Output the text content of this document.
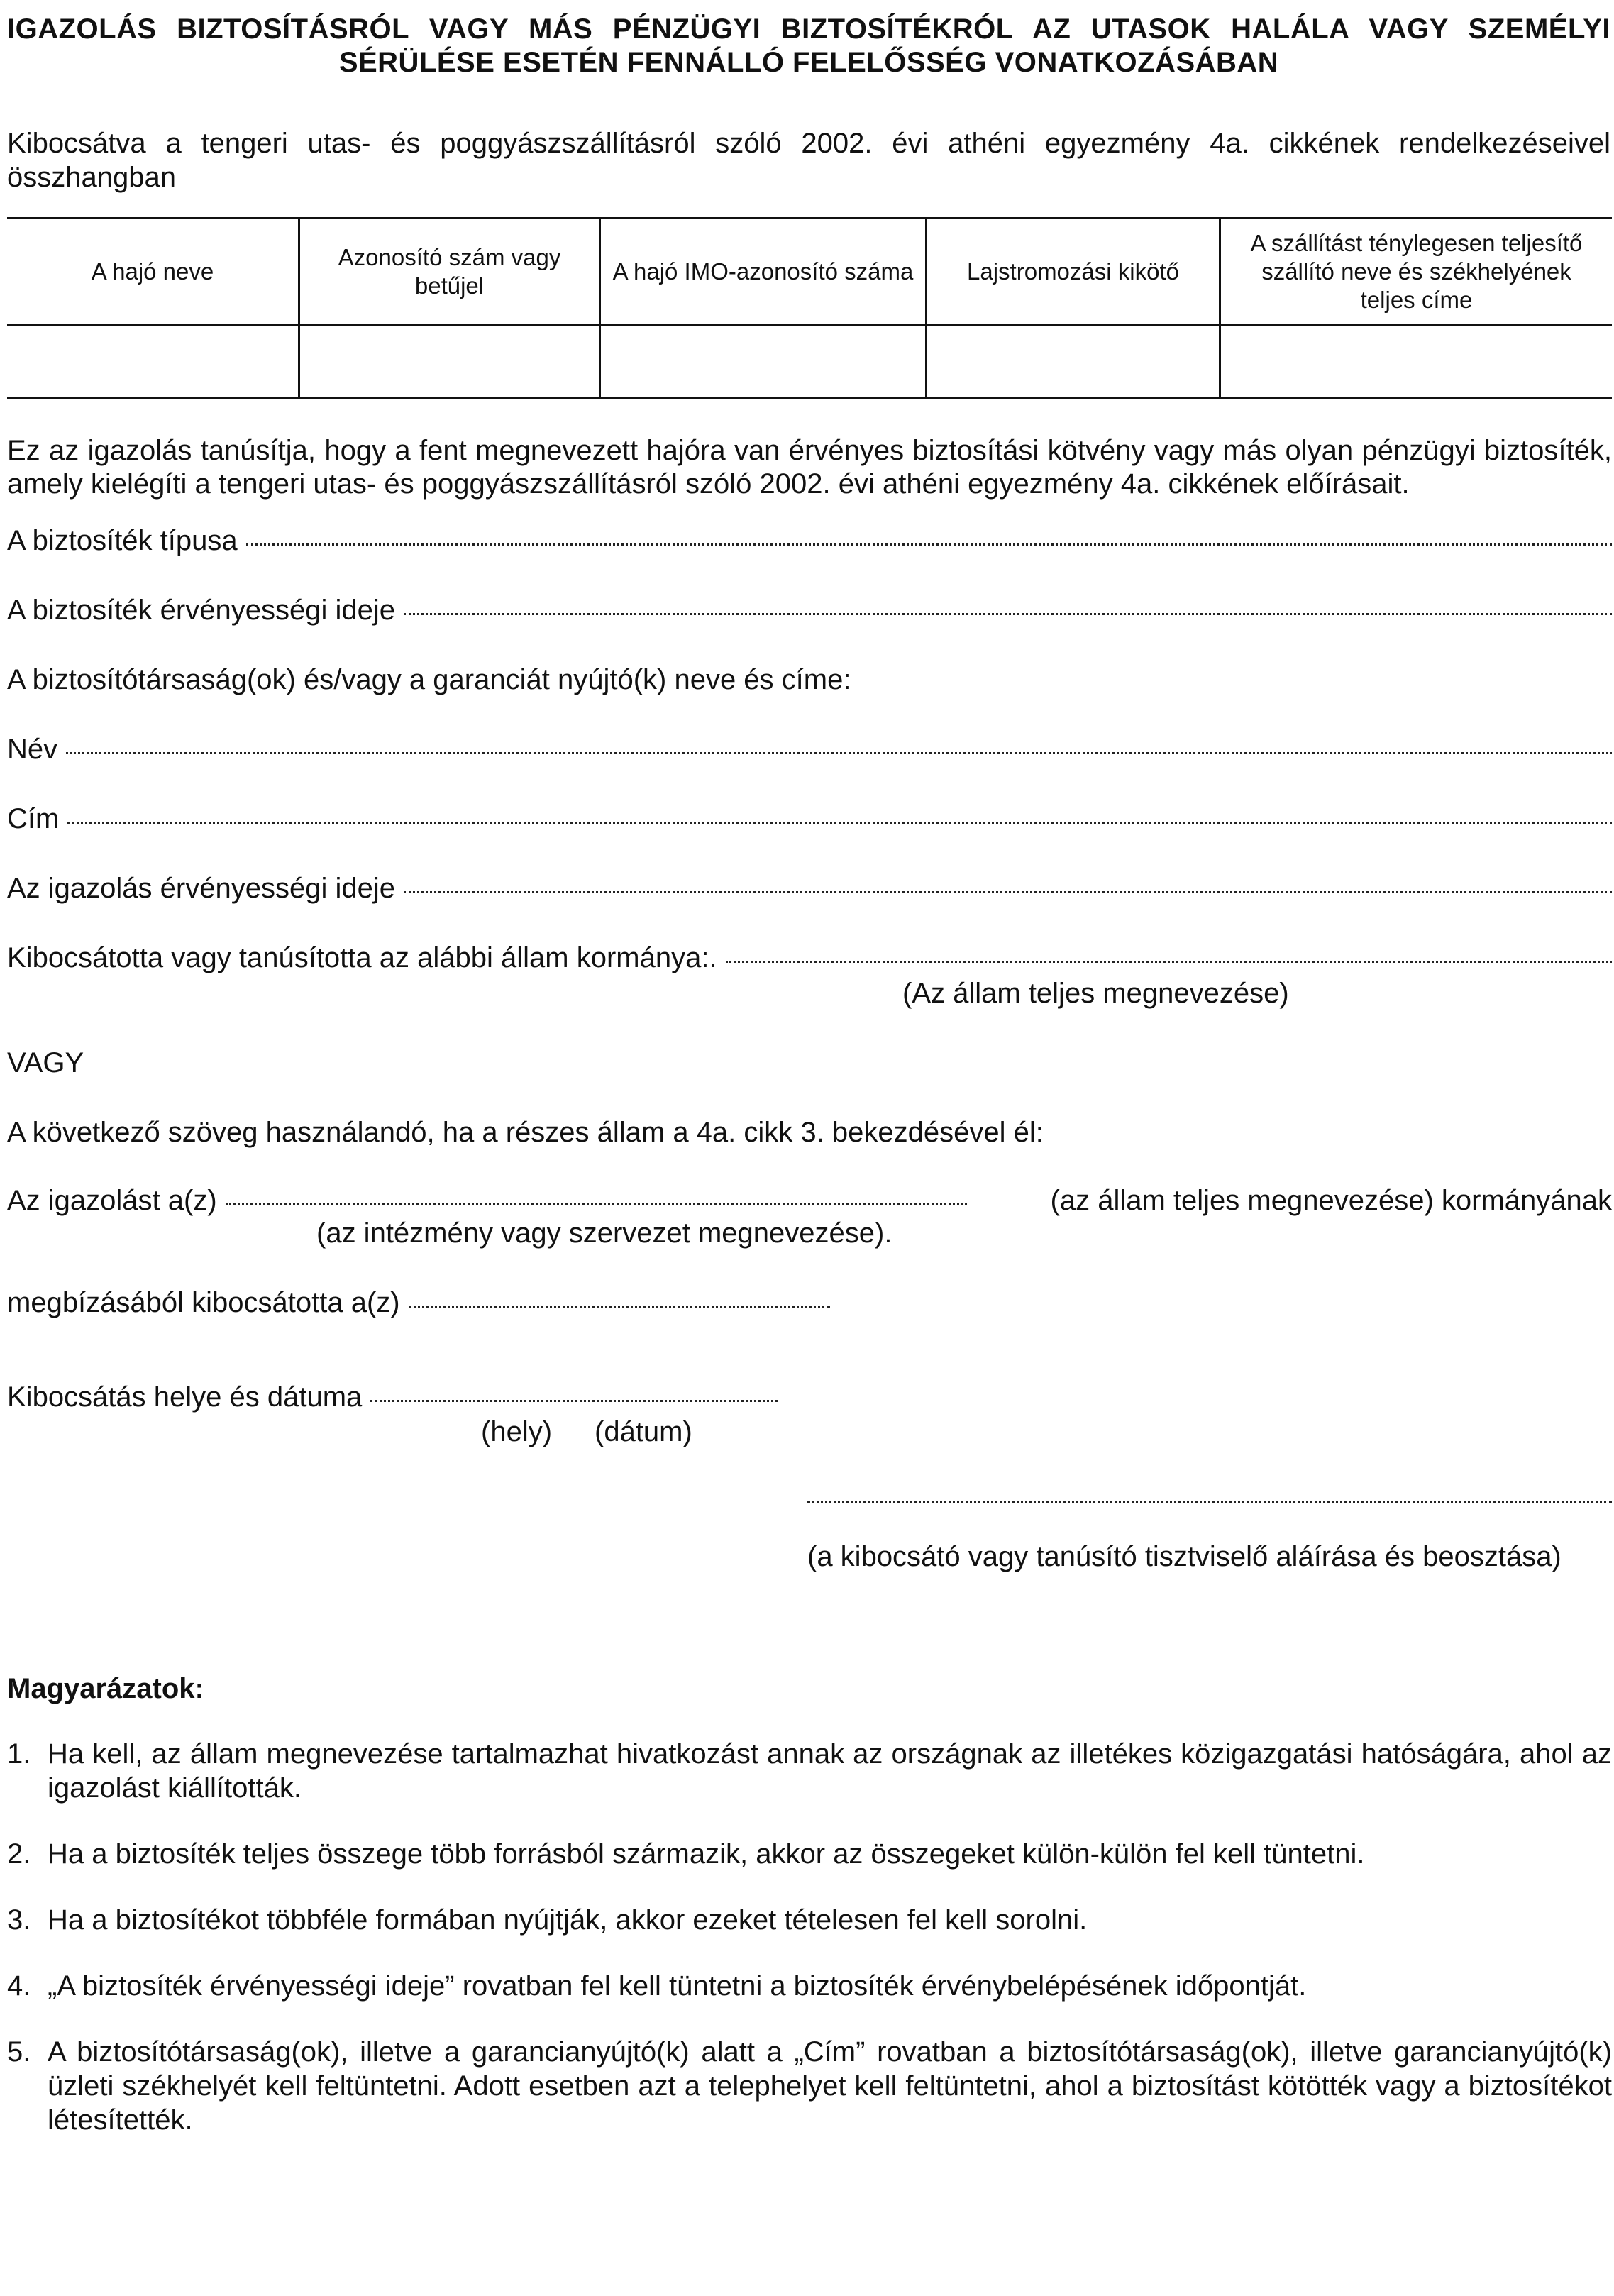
IGAZOLÁS BIZTOSÍTÁSRÓL VAGY MÁS PÉNZÜGYI BIZTOSÍTÉKRÓL AZ UTASOK HALÁLA VAGY SZEMÉLYI
SÉRÜLÉSE ESETÉN FENNÁLLÓ FELELŐSSÉG VONATKOZÁSÁBAN
Kibocsátva a tengeri utas- és poggyászszállításról szóló 2002. évi athéni egyezmény 4a. cikkének rendelkezéseivel összhangban
A hajó neve
Azonosító szám vagy betűjel
A hajó IMO-azonosító száma	Lajstromozási kikötő
A szállítást ténylegesen teljesítő szállító neve és székhelyének teljes címe
Ez az igazolás tanúsítja, hogy a fent megnevezett hajóra van érvényes biztosítási kötvény vagy más olyan pénzügyi biztosíték, amely kielégíti a tengeri utas- és poggyászszállításról szóló 2002. évi athéni egyezmény 4a. cikkének előírásait.
A biztosíték típusa
A biztosíték érvényességi ideje
A biztosítótársaság(ok) és/vagy a garanciát nyújtó(k) neve és címe:
Név
Cím
Az igazolás érvényességi ideje
Kibocsátotta vagy tanúsította az alábbi állam kormánya:.
(Az állam teljes megnevezése)
VAGY
A következő szöveg használandó, ha a részes állam a 4a. cikk 3. bekezdésével él:
Az igazolást a(z)	(az állam teljes megnevezése) kormányának
(az intézmény vagy szervezet megnevezése).
megbízásából kibocsátotta a(z)
Kibocsátás helye és dátuma
(hely) (dátum)
(a kibocsátó vagy tanúsító tisztviselő aláírása és beosztása)
Magyarázatok:
1. Ha kell, az állam megnevezése tartalmazhat hivatkozást annak az országnak az illetékes közigazgatási hatóságára, ahol az igazolást kiállították.
2. Ha a biztosíték teljes összege több forrásból származik, akkor az összegeket külön-külön fel kell tüntetni.
3. Ha a biztosítékot többféle formában nyújtják, akkor ezeket tételesen fel kell sorolni.
4. „A biztosíték érvényességi ideje” rovatban fel kell tüntetni a biztosíték érvénybelépésének időpontját.
5. A biztosítótársaság(ok), illetve a garancianyújtó(k) alatt a „Cím” rovatban a biztosítótársaság(ok), illetve garancianyújtó(k) üzleti székhelyét kell feltüntetni. Adott esetben azt a telephelyet kell feltüntetni, ahol a biztosítást kötötték vagy a biztosítékot létesítették.
